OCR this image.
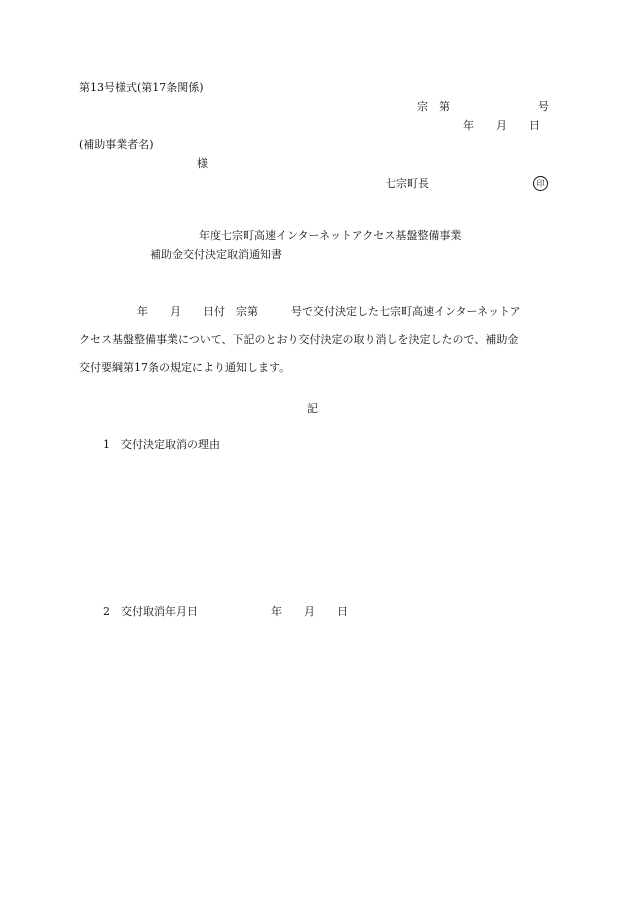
第13号様式(第17条関係)
宗　第　　　　　　　　号
年　　月　　日
(補助事業者名)
様
七宗町長	印
年度七宗町高速インターネットアクセス基盤整備事業
補助金交付決定取消通知書
年　　月　　日付　宗第　　　号で交付決定した七宗町高速インターネットア
クセス基盤整備事業について、下記のとおり交付決定の取り消しを決定したので、補助金
交付要綱第17条の規定により通知します。
記
1 交付決定取消の理由
2 交付取消年月日	年　　月　　日
